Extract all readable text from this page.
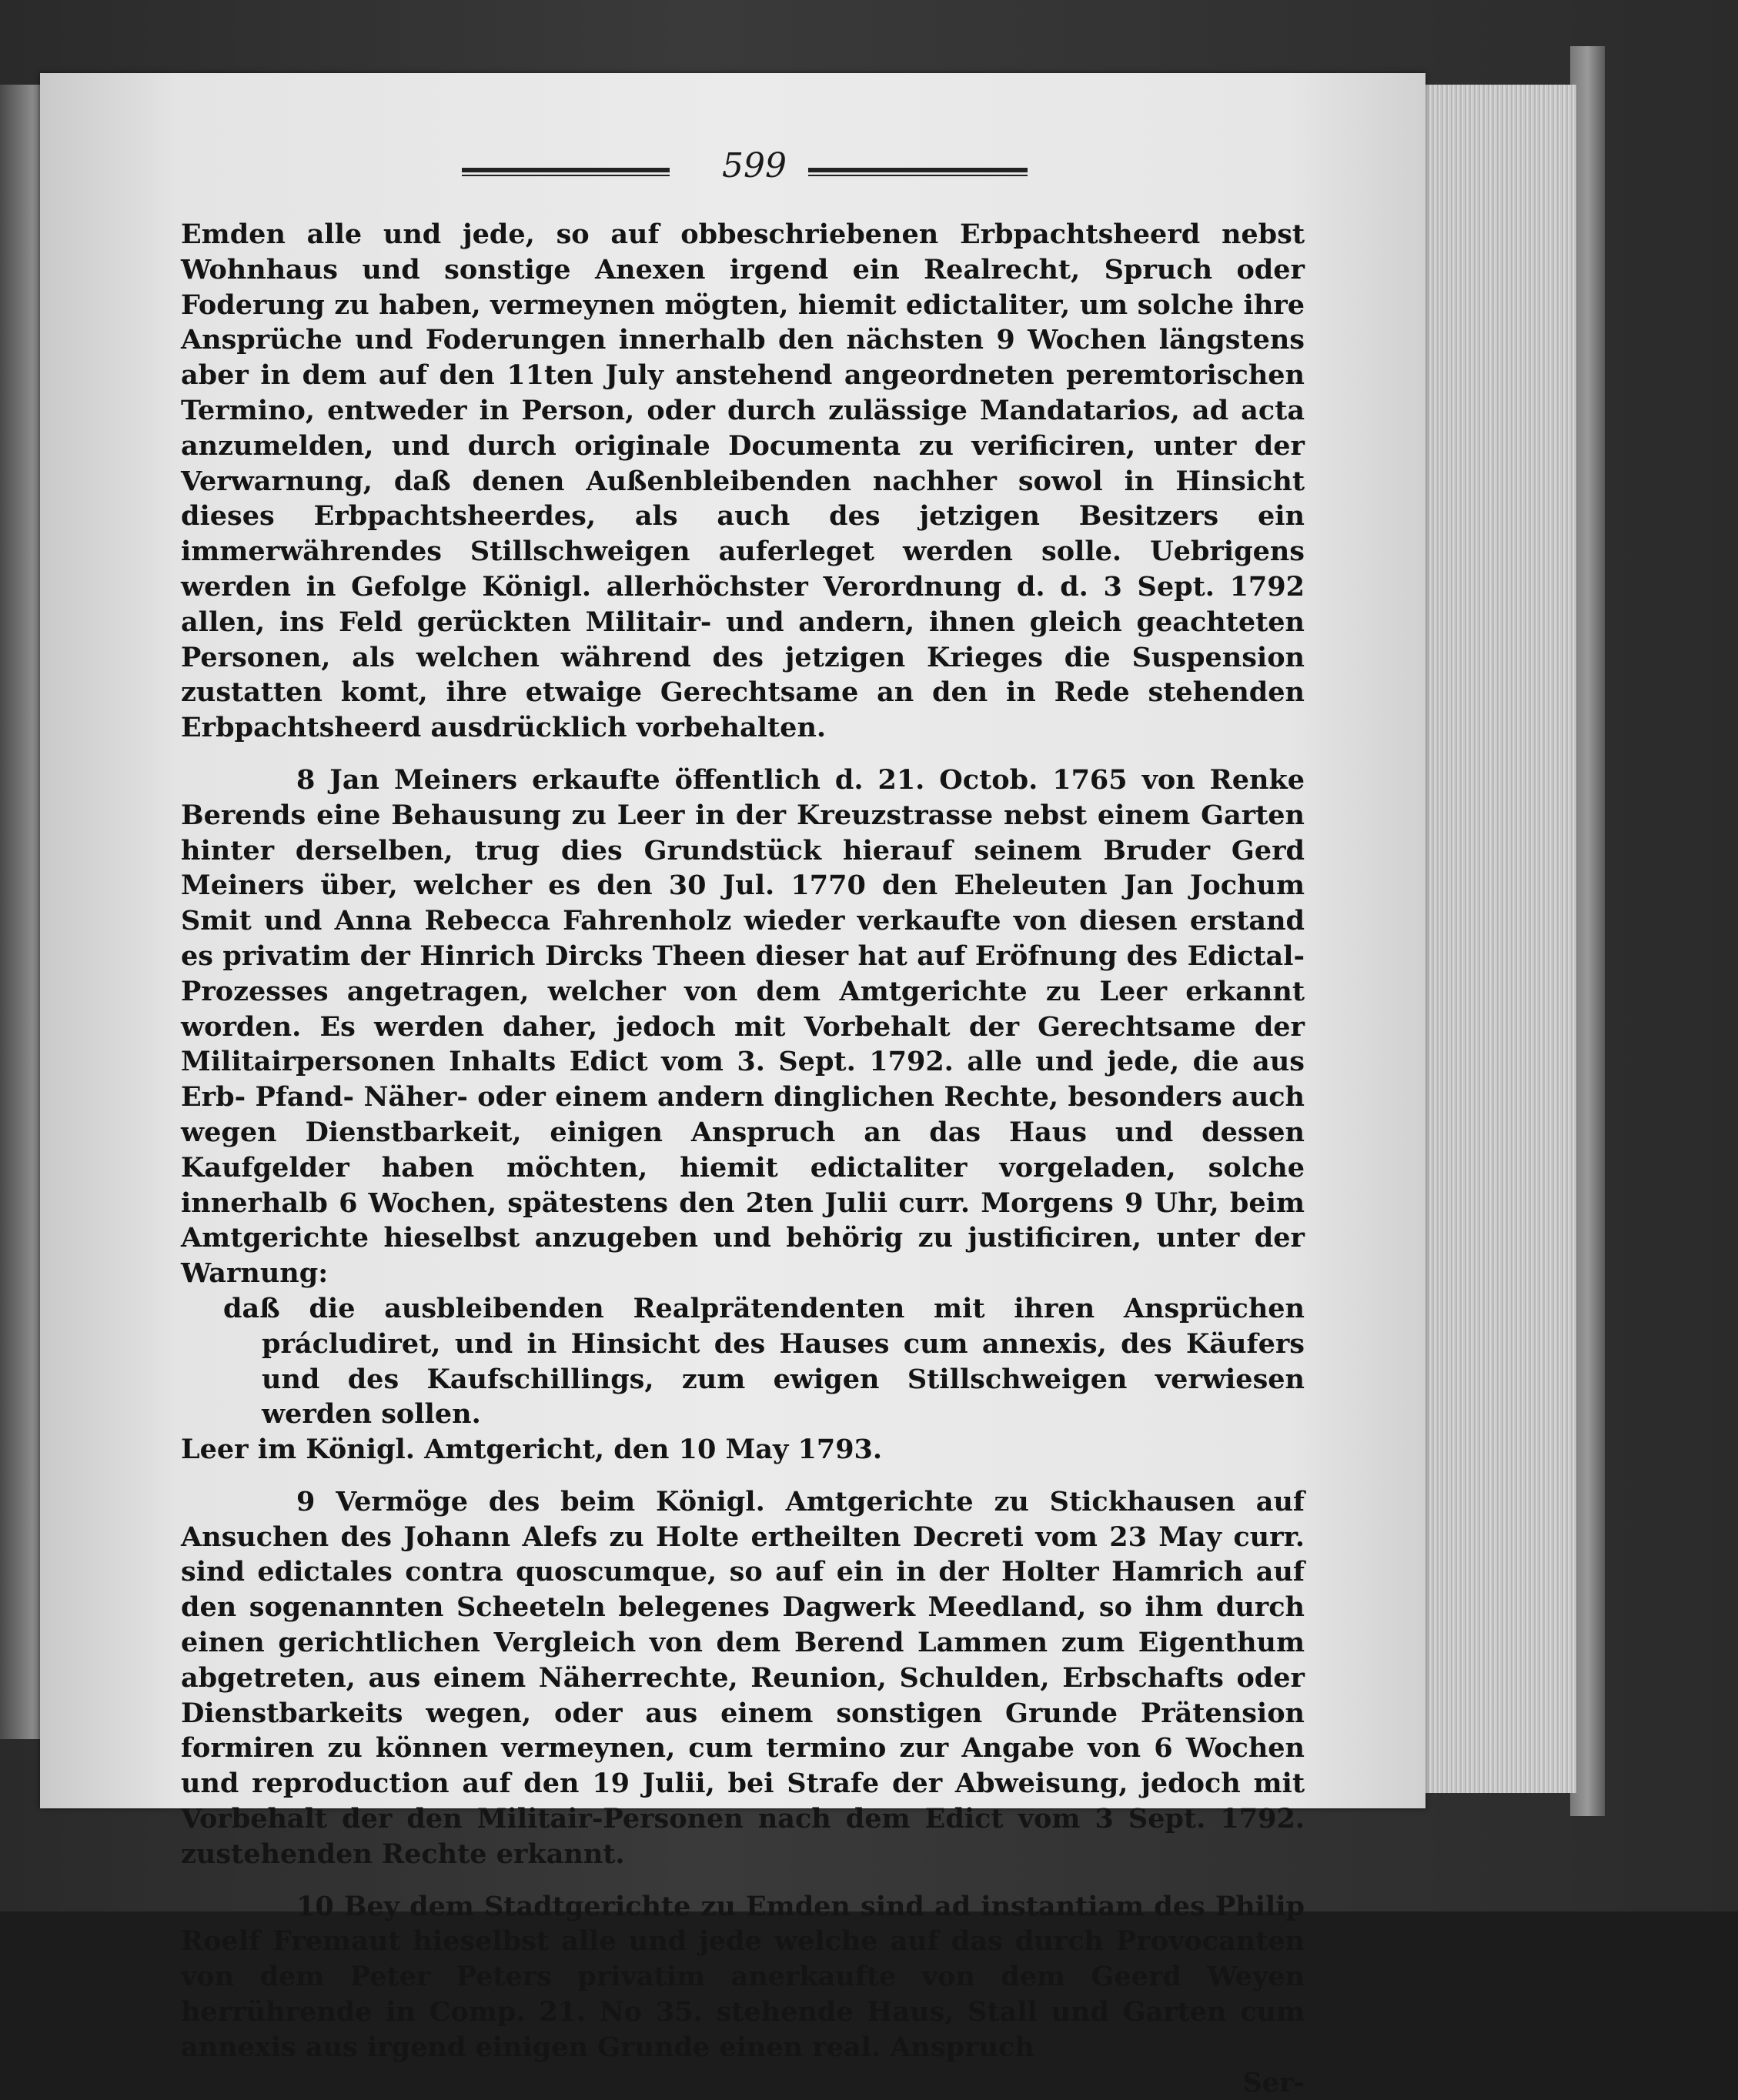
599

Emden alle und jede, so auf obbeschriebenen Erbpachtsheerd nebst Wohnhaus und sonstige Anexen irgend ein Realrecht, Spruch oder Foderung zu haben, vermeynen mögten, hiemit edictaliter, um solche ihre Ansprüche und Foderungen innerhalb den nächsten 9 Wochen längstens aber in dem auf den 11ten July anstehend angeordneten peremtorischen Termino, entweder in Person, oder durch zulässige Mandatarios, ad acta anzumelden, und durch originale Documenta zu verificiren, unter der Verwarnung, daß denen Außenbleibenden nachher sowol in Hinsicht dieses Erbpachtsheerdes, als auch des jetzigen Besitzers ein immerwährendes Stillschweigen auferleget werden solle. Uebrigens werden in Gefolge Königl. allerhöchster Verordnung d. d. 3 Sept. 1792 allen, ins Feld gerückten Militair- und andern, ihnen gleich geachteten Personen, als welchen während des jetzigen Krieges die Suspension zustatten komt, ihre etwaige Gerechtsame an den in Rede stehenden Erbpachtsheerd ausdrücklich vorbehalten.

8 Jan Meiners erkaufte öffentlich d. 21. Octob. 1765 von Renke Berends eine Behausung zu Leer in der Kreuzstrasse nebst einem Garten hinter derselben, trug dies Grundstück hierauf seinem Bruder Gerd Meiners über, welcher es den 30 Jul. 1770 den Eheleuten Jan Jochum Smit und Anna Rebecca Fahrenholz wieder verkaufte von diesen erstand es privatim der Hinrich Dircks Theen dieser hat auf Eröfnung des Edictal-Prozesses angetragen, welcher von dem Amtgerichte zu Leer erkannt worden. Es werden daher, jedoch mit Vorbehalt der Gerechtsame der Militairpersonen Inhalts Edict vom 3. Sept. 1792. alle und jede, die aus Erb- Pfand- Näher- oder einem andern dinglichen Rechte, besonders auch wegen Dienstbarkeit, einigen Anspruch an das Haus und dessen Kaufgelder haben möchten, hiemit edictaliter vorgeladen, solche innerhalb 6 Wochen, spätestens den 2ten Julii curr. Morgens 9 Uhr, beim Amtgerichte hieselbst anzugeben und behörig zu justificiren, unter der Warnung:

daß die ausbleibenden Realprätendenten mit ihren Ansprüchen prácludiret, und in Hinsicht des Hauses cum annexis, des Käufers und des Kaufschillings, zum ewigen Stillschweigen verwiesen werden sollen.

Leer im Königl. Amtgericht, den 10 May 1793.

9 Vermöge des beim Königl. Amtgerichte zu Stickhausen auf Ansuchen des Johann Alefs zu Holte ertheilten Decreti vom 23 May curr. sind edictales contra quoscumque, so auf ein in der Holter Hamrich auf den sogenannten Scheeteln belegenes Dagwerk Meedland, so ihm durch einen gerichtlichen Vergleich von dem Berend Lammen zum Eigenthum abgetreten, aus einem Näherrechte, Reunion, Schulden, Erbschafts oder Dienstbarkeits wegen, oder aus einem sonstigen Grunde Prätension formiren zu können vermeynen, cum termino zur Angabe von 6 Wochen und reproduction auf den 19 Julii, bei Strafe der Abweisung, jedoch mit Vorbehalt der den Militair-Personen nach dem Edict vom 3 Sept. 1792. zustehenden Rechte erkannt.

10 Bey dem Stadtgerichte zu Emden sind ad instantiam des Philip Roelf Fremaut hieselbst alle und jede welche auf das durch Provocanten von dem Peter Peters privatim anerkaufte von dem Geerd Weyen herrührende in Comp. 21. No 35. stehende Haus, Stall und Garten cum annexis aus irgend einigen Grunde einen real. Anspruch

Ser-
